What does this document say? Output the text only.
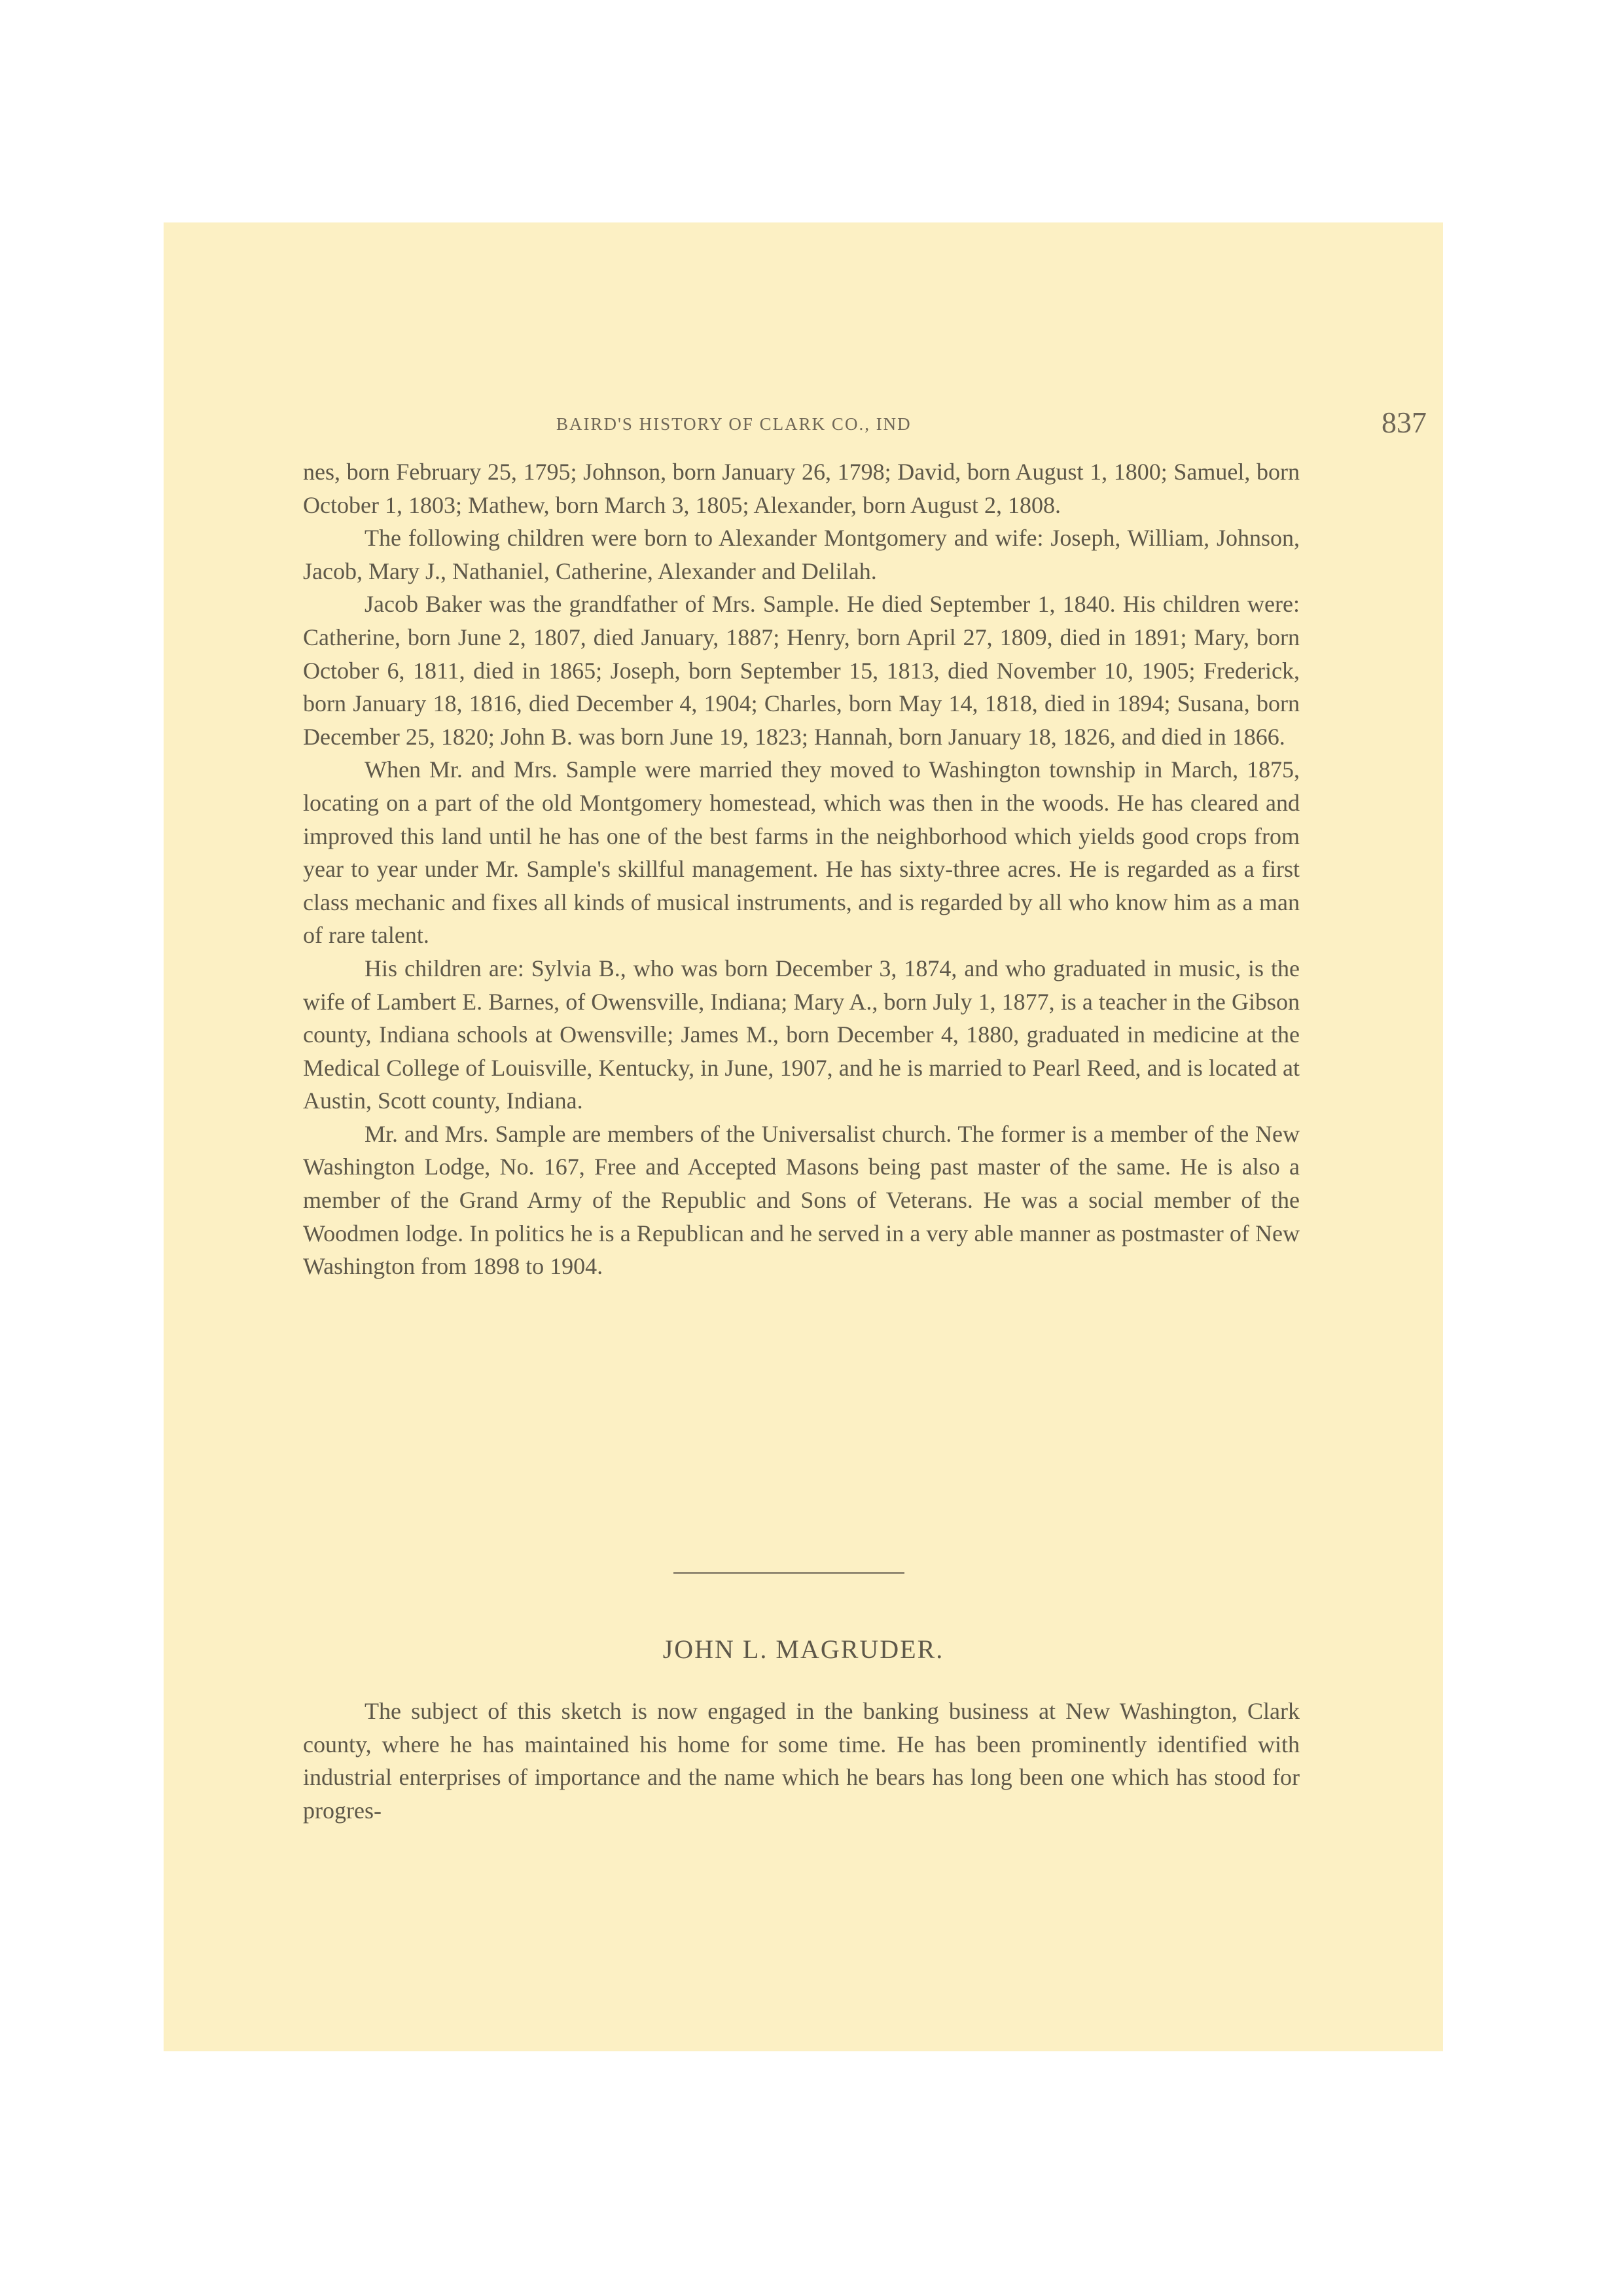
BAIRD'S HISTORY OF CLARK CO., IND	837

nes, born February 25, 1795; Johnson, born January 26, 1798; David, born August 1, 1800; Samuel, born October 1, 1803; Mathew, born March 3, 1805; Alexander, born August 2, 1808.

The following children were born to Alexander Montgomery and wife: Joseph, William, Johnson, Jacob, Mary J., Nathaniel, Catherine, Alexander and Delilah.

Jacob Baker was the grandfather of Mrs. Sample. He died September 1, 1840. His children were: Catherine, born June 2, 1807, died January, 1887; Henry, born April 27, 1809, died in 1891; Mary, born October 6, 1811, died in 1865; Joseph, born September 15, 1813, died November 10, 1905; Frederick, born January 18, 1816, died December 4, 1904; Charles, born May 14, 1818, died in 1894; Susana, born December 25, 1820; John B. was born June 19, 1823; Hannah, born January 18, 1826, and died in 1866.

When Mr. and Mrs. Sample were married they moved to Washington township in March, 1875, locating on a part of the old Montgomery homestead, which was then in the woods. He has cleared and improved this land until he has one of the best farms in the neighborhood which yields good crops from year to year under Mr. Sample's skillful management. He has sixty-three acres. He is regarded as a first class mechanic and fixes all kinds of musical instruments, and is regarded by all who know him as a man of rare talent.

His children are: Sylvia B., who was born December 3, 1874, and who graduated in music, is the wife of Lambert E. Barnes, of Owensville, Indiana; Mary A., born July 1, 1877, is a teacher in the Gibson county, Indiana schools at Owensville; James M., born December 4, 1880, graduated in medicine at the Medical College of Louisville, Kentucky, in June, 1907, and he is married to Pearl Reed, and is located at Austin, Scott county, Indiana.

Mr. and Mrs. Sample are members of the Universalist church. The former is a member of the New Washington Lodge, No. 167, Free and Accepted Masons being past master of the same. He is also a member of the Grand Army of the Republic and Sons of Veterans. He was a social member of the Woodmen lodge. In politics he is a Republican and he served in a very able manner as postmaster of New Washington from 1898 to 1904.

JOHN L. MAGRUDER.

The subject of this sketch is now engaged in the banking business at New Washington, Clark county, where he has maintained his home for some time. He has been prominently identified with industrial enterprises of importance and the name which he bears has long been one which has stood for progres-
